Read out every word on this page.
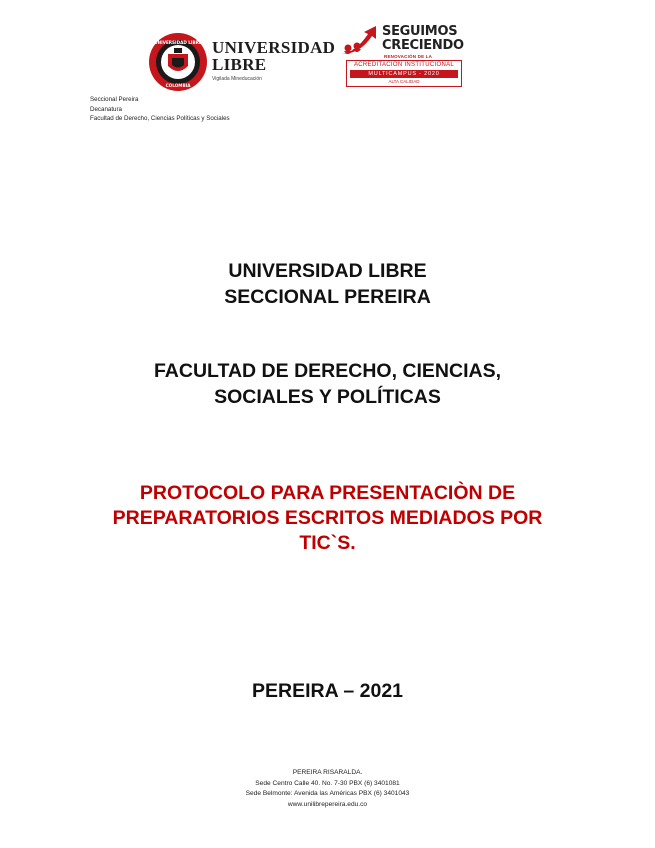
UNIVERSIDAD LIBRE
COLOMBIA
UNIVERSIDAD
LIBRE
Vigilada Mineducación
SEGUIMOS
CRECIENDO
RENOVACIÓN DE LA
ACREDITACIÓN INSTITUCIONAL
MULTICAMPUS - 2020
ALTA CALIDAD
Seccional Pereira
Decanatura
Facultad de Derecho, Ciencias Políticas y Sociales
UNIVERSIDAD LIBRE
SECCIONAL PEREIRA
FACULTAD DE DERECHO, CIENCIAS,
SOCIALES Y POLÍTICAS
PROTOCOLO PARA PRESENTACIÒN DE
PREPARATORIOS ESCRITOS MEDIADOS POR
TIC`S.
PEREIRA – 2021
PEREIRA RISARALDA.
Sede Centro Calle 40. No. 7-30 PBX (6) 3401081
Sede Belmonte: Avenida las Américas PBX (6) 3401043
www.unilibrepereira.edu.co
